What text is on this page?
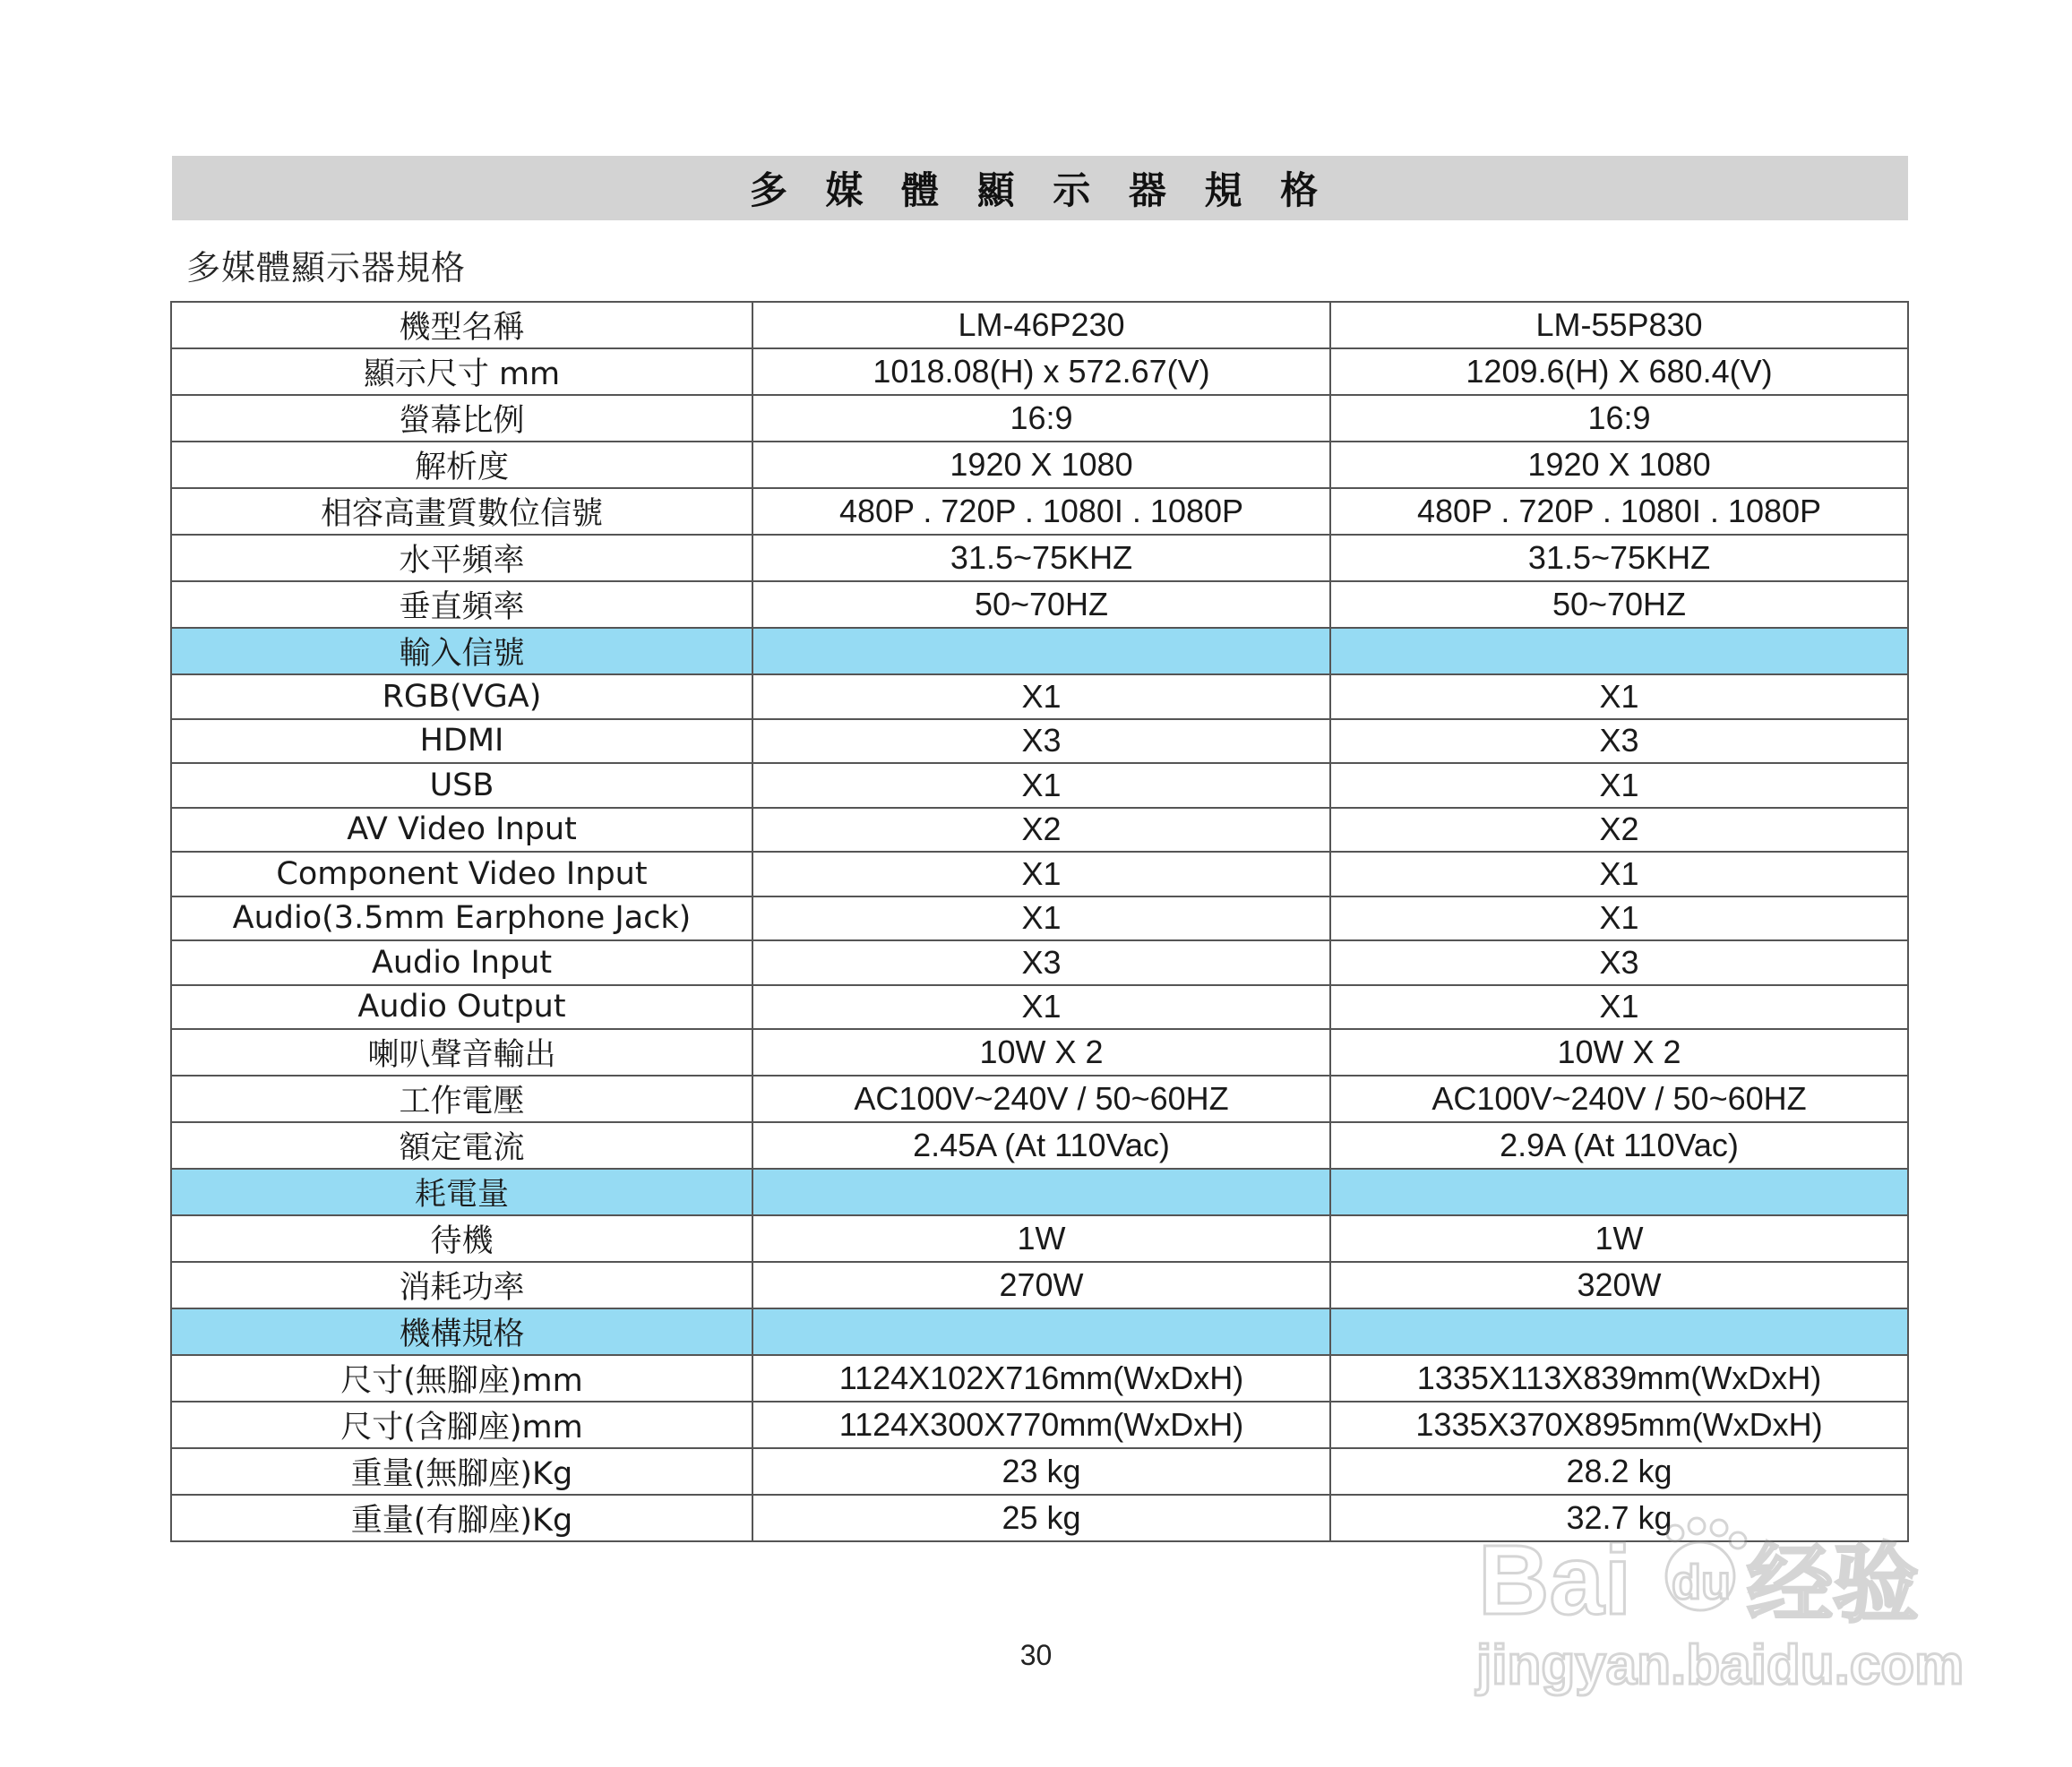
多 媒 體 顯 示 器 規 格
多媒體顯示器規格
機型名稱	LM-46P230	LM-55P830
顯示尺寸 mm	1018.08(H) x 572.67(V)	1209.6(H) X 680.4(V)
螢幕比例	16:9	16:9
解析度	1920 X 1080	1920 X 1080
相容高畫質數位信號	480P . 720P . 1080I . 1080P	480P . 720P . 1080I . 1080P
水平頻率	31.5~75KHZ	31.5~75KHZ
垂直頻率	50~70HZ	50~70HZ
輸入信號		
RGB(VGA)	X1	X1
HDMI	X3	X3
USB	X1	X1
AV Video Input	X2	X2
Component Video Input	X1	X1
Audio(3.5mm Earphone Jack)	X1	X1
Audio Input	X3	X3
Audio Output	X1	X1
喇叭聲音輸出	10W X 2	10W X 2
工作電壓	AC100V~240V / 50~60HZ	AC100V~240V / 50~60HZ
額定電流	2.45A (At 110Vac)	2.9A (At 110Vac)
耗電量		
待機	1W	1W
消耗功率	270W	320W
機構規格		
尺寸(無腳座)mm	1124X102X716mm(WxDxH)	1335X113X839mm(WxDxH)
尺寸(含腳座)mm	1124X300X770mm(WxDxH)	1335X370X895mm(WxDxH)
重量(無腳座)Kg	23 kg	28.2 kg
重量(有腳座)Kg	25 kg	32.7 kg
30
Bai du 经验
jingyan.baidu.com
